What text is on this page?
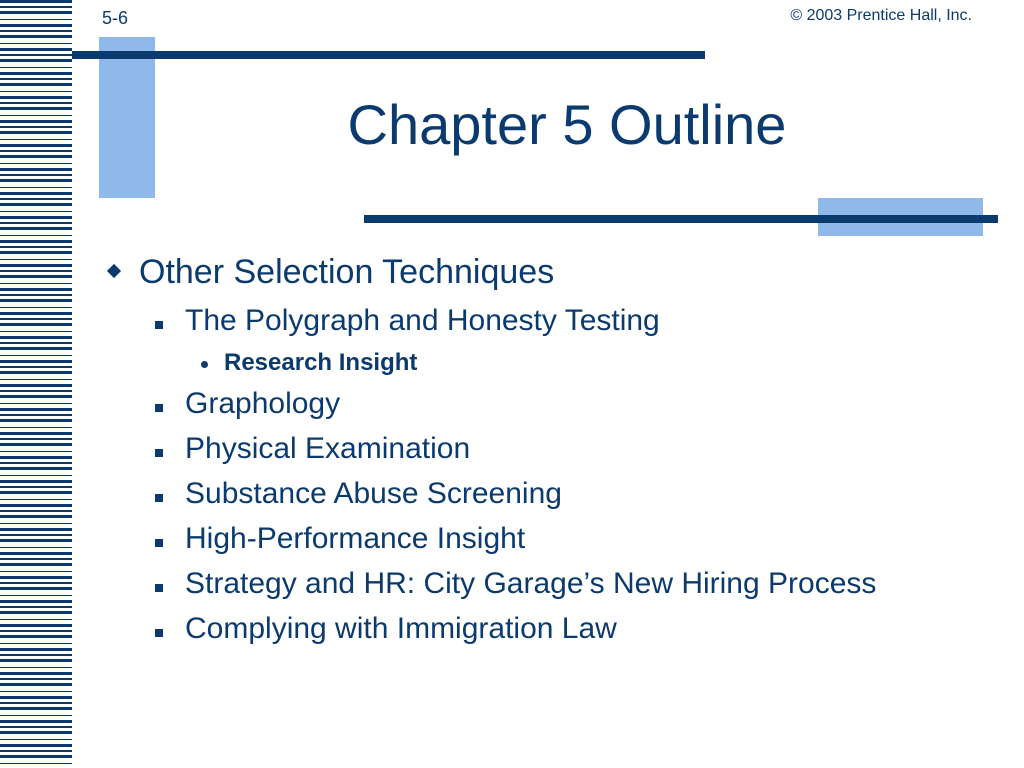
5-6	© 2003 Prentice Hall, Inc.
Chapter 5 Outline
Other Selection Techniques
The Polygraph and Honesty Testing
Research Insight
Graphology
Physical Examination
Substance Abuse Screening
High-Performance Insight
Strategy and HR: City Garage’s New Hiring Process
Complying with Immigration Law
